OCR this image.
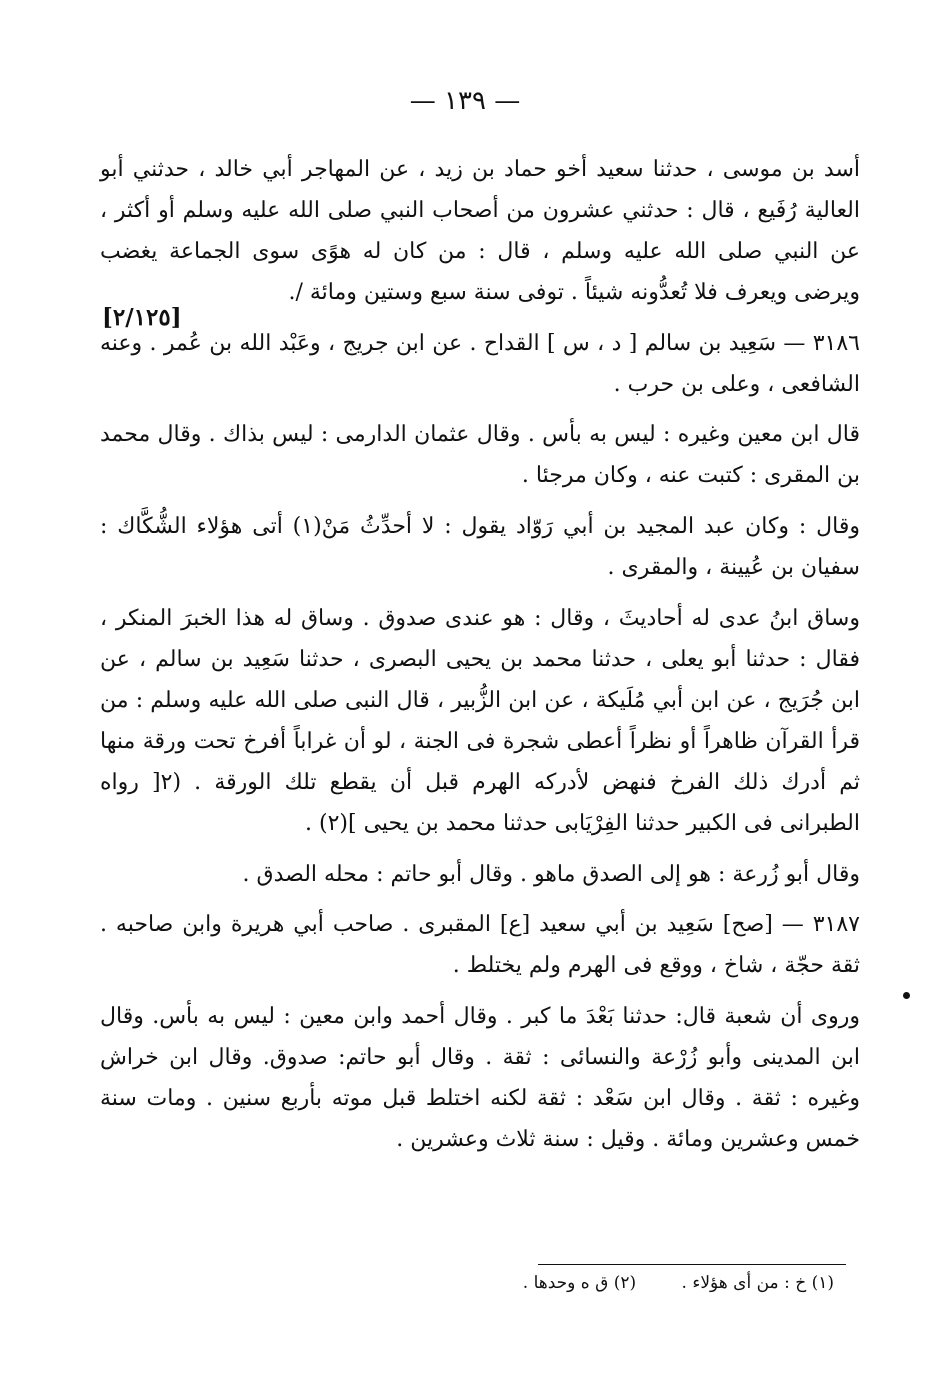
— ١٣٩ —
[٢/١٢٥]

أسد بن موسى ، حدثنا سعيد أخو حماد بن زيد ، عن المهاجر أبي خالد ، حدثني أبو العالية رُفَيع ، قال : حدثني عشرون من أصحاب النبي صلى الله عليه وسلم أو أكثر ، عن النبي صلى الله عليه وسلم ، قال : من كان له هوًى سوى الجماعة يغضب ويرضى ويعرف فلا تُعدُّونه شيئاً . توفى سنة سبع وستين ومائة /.

٣١٨٦ — سَعِيد بن سالم [ د ، س ] القداح . عن ابن جريج ، وعَبْد الله بن عُمر . وعنه الشافعى ، وعلى بن حرب .

قال ابن معين وغيره : ليس به بأس . وقال عثمان الدارمى : ليس بذاك . وقال محمد بن المقرى : كتبت عنه ، وكان مرجئا .

وقال : وكان عبد المجيد بن أبي رَوّاد يقول : لا أحدِّثُ مَنْ(١) أتى هؤلاء الشُّكَّاك : سفيان بن عُيينة ، والمقرى .

وساق ابنُ عدى له أحاديثَ ، وقال : هو عندى صدوق . وساق له هذا الخبرَ المنكر ، فقال : حدثنا أبو يعلى ، حدثنا محمد بن يحيى البصرى ، حدثنا سَعِيد بن سالم ، عن ابن جُرَيج ، عن ابن أبي مُلَيكة ، عن ابن الزُّبير ، قال النبى صلى الله عليه وسلم : من قرأ القرآن ظاهراً أو نظراً أعطى شجرة فى الجنة ، لو أن غراباً أفرخ تحت ورقة منها ثم أدرك ذلك الفرخ فنهض لأدركه الهرم قبل أن يقطع تلك الورقة . (٢[ رواه الطبرانى فى الكبير حدثنا الفِرْيَابى حدثنا محمد بن يحيى ](٢) .

وقال أبو زُرعة : هو إلى الصدق ماهو . وقال أبو حاتم : محله الصدق .

٣١٨٧ — [صح] سَعِيد بن أبي سعيد [ع] المقبرى . صاحب أبي هريرة وابن صاحبه . ثقة حجّة ، شاخ ، ووقع فى الهرم ولم يختلط .

وروى أن شعبة قال: حدثنا بَعْدَ ما كبر . وقال أحمد وابن معين : ليس به بأس. وقال ابن المدينى وأبو زُرْعة والنسائى : ثقة . وقال أبو حاتم: صدوق. وقال ابن خراش وغيره : ثقة . وقال ابن سَعْد : ثقة لكنه اختلط قبل موته بأربع سنين . ومات سنة خمس وعشرين ومائة . وقيل : سنة ثلاث وعشرين .

(١) خ : من أى هؤلاء . (٢) ق ه وحدها .
